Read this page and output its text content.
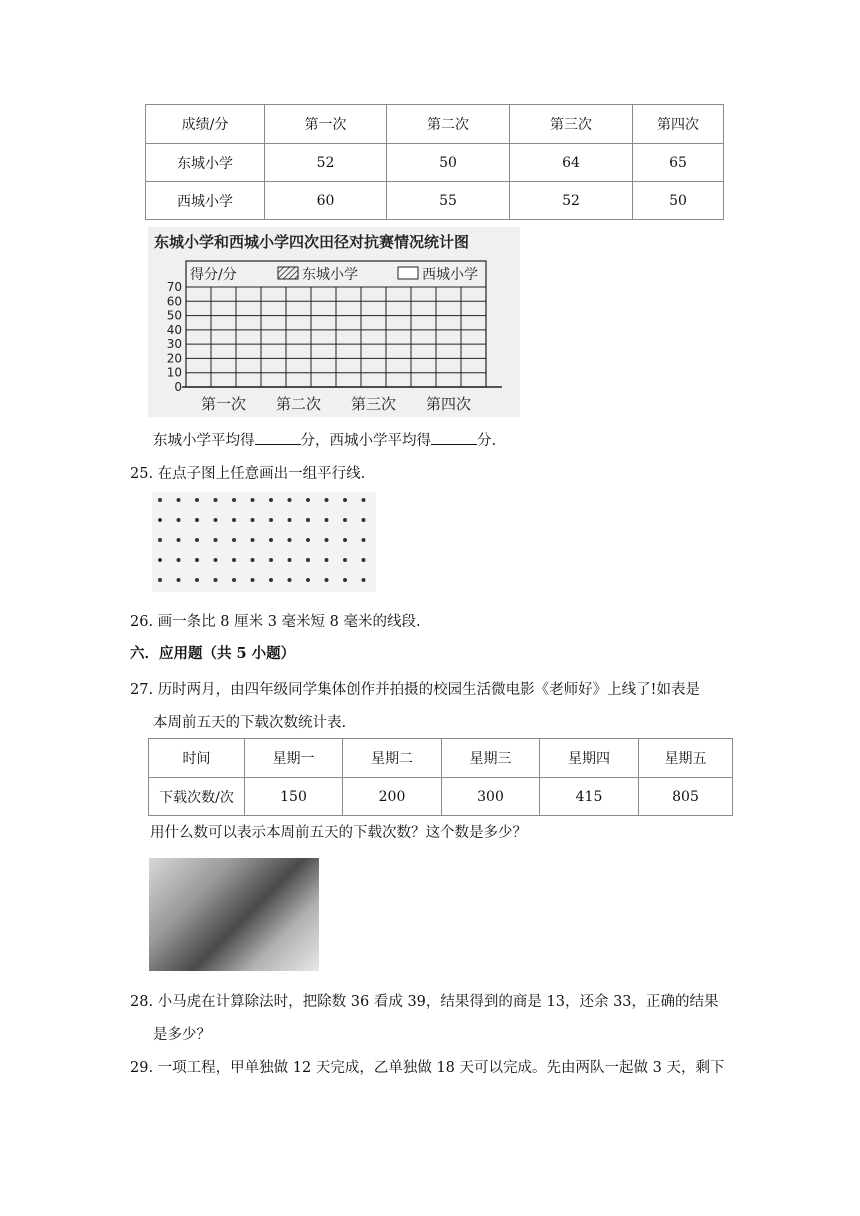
成绩/分	第一次	第二次	第三次	第四次
东城小学	52	50	64	65
西城小学	60	55	52	50
东城小学和西城小学四次田径对抗赛情况统计图
0
10
20
30
40
50
60
70
得分/分	东城小学	西城小学
第一次 第二次 第三次 第四次
东城小学平均得	分，西城小学平均得	分.
25. 在点子图上任意画出一组平行线.
26. 画一条比 8 厘米 3 毫米短 8 毫米的线段.
六．应用题（共 5 小题）
27. 历时两月，由四年级同学集体创作并拍摄的校园生活微电影《老师好》上线了!如表是
本周前五天的下载次数统计表.
时间	星期一	星期二	星期三	星期四	星期五
下载次数/次	150	200	300	415	805
用什么数可以表示本周前五天的下载次数？这个数是多少？
28. 小马虎在计算除法时，把除数 36 看成 39，结果得到的商是 13，还余 33，正确的结果
是多少？
29. 一项工程，甲单独做 12 天完成，乙单独做 18 天可以完成。先由两队一起做 3 天，剩下
